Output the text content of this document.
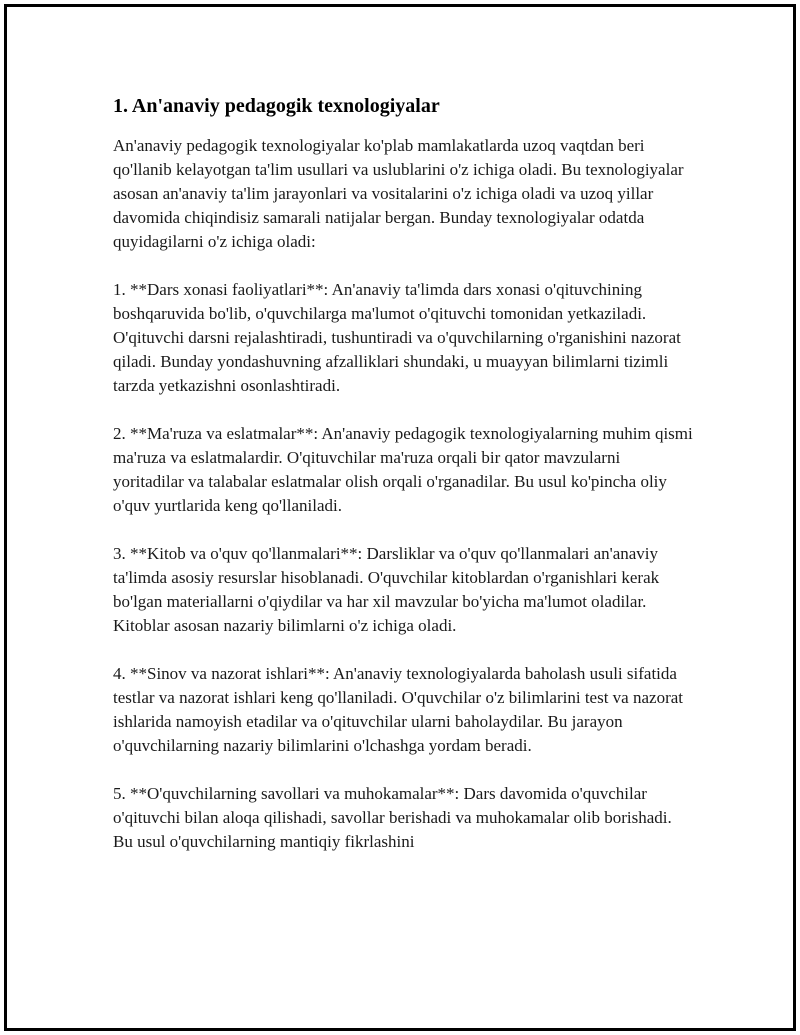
1. An'anaviy pedagogik texnologiyalar

An'anaviy pedagogik texnologiyalar ko'plab mamlakatlarda uzoq vaqtdan beri qo'llanib kelayotgan ta'lim usullari va uslublarini o'z ichiga oladi. Bu texnologiyalar asosan an'anaviy ta'lim jarayonlari va vositalarini o'z ichiga oladi va uzoq yillar davomida chiqindisiz samarali natijalar bergan. Bunday texnologiyalar odatda quyidagilarni o'z ichiga oladi:

1. **Dars xonasi faoliyatlari**: An'anaviy ta'limda dars xonasi o'qituvchining boshqaruvida bo'lib, o'quvchilarga ma'lumot o'qituvchi tomonidan yetkaziladi. O'qituvchi darsni rejalashtiradi, tushuntiradi va o'quvchilarning o'rganishini nazorat qiladi. Bunday yondashuvning afzalliklari shundaki, u muayyan bilimlarni tizimli tarzda yetkazishni osonlashtiradi.

2. **Ma'ruza va eslatmalar**: An'anaviy pedagogik texnologiyalarning muhim qismi ma'ruza va eslatmalardir. O'qituvchilar ma'ruza orqali bir qator mavzularni yoritadilar va talabalar eslatmalar olish orqali o'rganadilar. Bu usul ko'pincha oliy o'quv yurtlarida keng qo'llaniladi.

3. **Kitob va o'quv qo'llanmalari**: Darsliklar va o'quv qo'llanmalari an'anaviy ta'limda asosiy resurslar hisoblanadi. O'quvchilar kitoblardan o'rganishlari kerak bo'lgan materiallarni o'qiydilar va har xil mavzular bo'yicha ma'lumot oladilar. Kitoblar asosan nazariy bilimlarni o'z ichiga oladi.

4. **Sinov va nazorat ishlari**: An'anaviy texnologiyalarda baholash usuli sifatida testlar va nazorat ishlari keng qo'llaniladi. O'quvchilar o'z bilimlarini test va nazorat ishlarida namoyish etadilar va o'qituvchilar ularni baholaydilar. Bu jarayon o'quvchilarning nazariy bilimlarini o'lchashga yordam beradi.

5. **O'quvchilarning savollari va muhokamalar**: Dars davomida o'quvchilar o'qituvchi bilan aloqa qilishadi, savollar berishadi va muhokamalar olib borishadi. Bu usul o'quvchilarning mantiqiy fikrlashini
